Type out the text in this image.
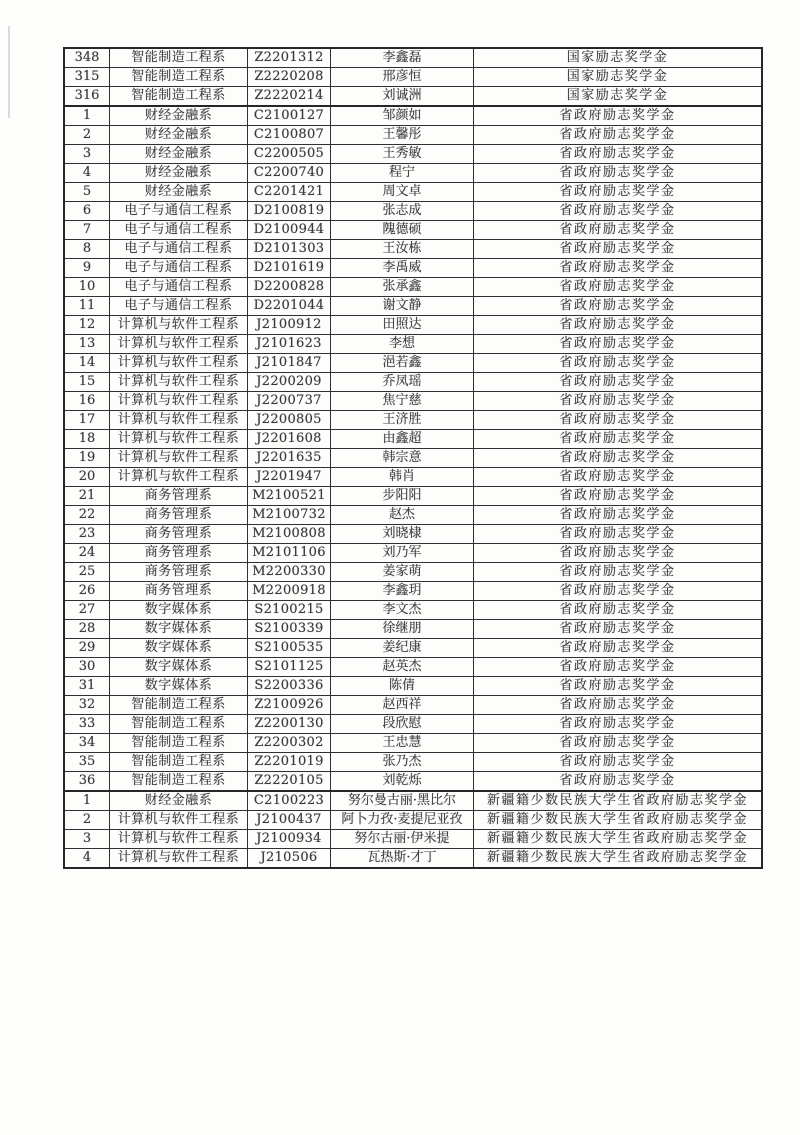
348	智能制造工程系	Z2201312	李鑫磊	国家励志奖学金
315	智能制造工程系	Z2220208	邢彦恒	国家励志奖学金
316	智能制造工程系	Z2220214	刘诚洲	国家励志奖学金
1	财经金融系	C2100127	邹颜如	省政府励志奖学金
2	财经金融系	C2100807	王馨彤	省政府励志奖学金
3	财经金融系	C2200505	王秀敏	省政府励志奖学金
4	财经金融系	C2200740	程宁	省政府励志奖学金
5	财经金融系	C2201421	周文卓	省政府励志奖学金
6	电子与通信工程系	D2100819	张志成	省政府励志奖学金
7	电子与通信工程系	D2100944	隗德硕	省政府励志奖学金
8	电子与通信工程系	D2101303	王汝栋	省政府励志奖学金
9	电子与通信工程系	D2101619	李禹威	省政府励志奖学金
10	电子与通信工程系	D2200828	张承鑫	省政府励志奖学金
11	电子与通信工程系	D2201044	谢文静	省政府励志奖学金
12	计算机与软件工程系	J2100912	田照达	省政府励志奖学金
13	计算机与软件工程系	J2101623	李想	省政府励志奖学金
14	计算机与软件工程系	J2101847	浥若鑫	省政府励志奖学金
15	计算机与软件工程系	J2200209	乔凤瑶	省政府励志奖学金
16	计算机与软件工程系	J2200737	焦宁慈	省政府励志奖学金
17	计算机与软件工程系	J2200805	王济胜	省政府励志奖学金
18	计算机与软件工程系	J2201608	由鑫超	省政府励志奖学金
19	计算机与软件工程系	J2201635	韩宗意	省政府励志奖学金
20	计算机与软件工程系	J2201947	韩肖	省政府励志奖学金
21	商务管理系	M2100521	步阳阳	省政府励志奖学金
22	商务管理系	M2100732	赵杰	省政府励志奖学金
23	商务管理系	M2100808	刘晓棣	省政府励志奖学金
24	商务管理系	M2101106	刘乃军	省政府励志奖学金
25	商务管理系	M2200330	姜家萌	省政府励志奖学金
26	商务管理系	M2200918	李鑫玥	省政府励志奖学金
27	数字媒体系	S2100215	李文杰	省政府励志奖学金
28	数字媒体系	S2100339	徐继朋	省政府励志奖学金
29	数字媒体系	S2100535	姜纪康	省政府励志奖学金
30	数字媒体系	S2101125	赵英杰	省政府励志奖学金
31	数字媒体系	S2200336	陈倩	省政府励志奖学金
32	智能制造工程系	Z2100926	赵西祥	省政府励志奖学金
33	智能制造工程系	Z2200130	段欣慰	省政府励志奖学金
34	智能制造工程系	Z2200302	王忠慧	省政府励志奖学金
35	智能制造工程系	Z2201019	张乃杰	省政府励志奖学金
36	智能制造工程系	Z2220105	刘乾烁	省政府励志奖学金
1	财经金融系	C2100223	努尔曼古丽·黑比尔	新疆籍少数民族大学生省政府励志奖学金
2	计算机与软件工程系	J2100437	阿卜力孜·麦提尼亚孜	新疆籍少数民族大学生省政府励志奖学金
3	计算机与软件工程系	J2100934	努尔古丽·伊米提	新疆籍少数民族大学生省政府励志奖学金
4	计算机与软件工程系	J210506	瓦热斯·才丁	新疆籍少数民族大学生省政府励志奖学金
